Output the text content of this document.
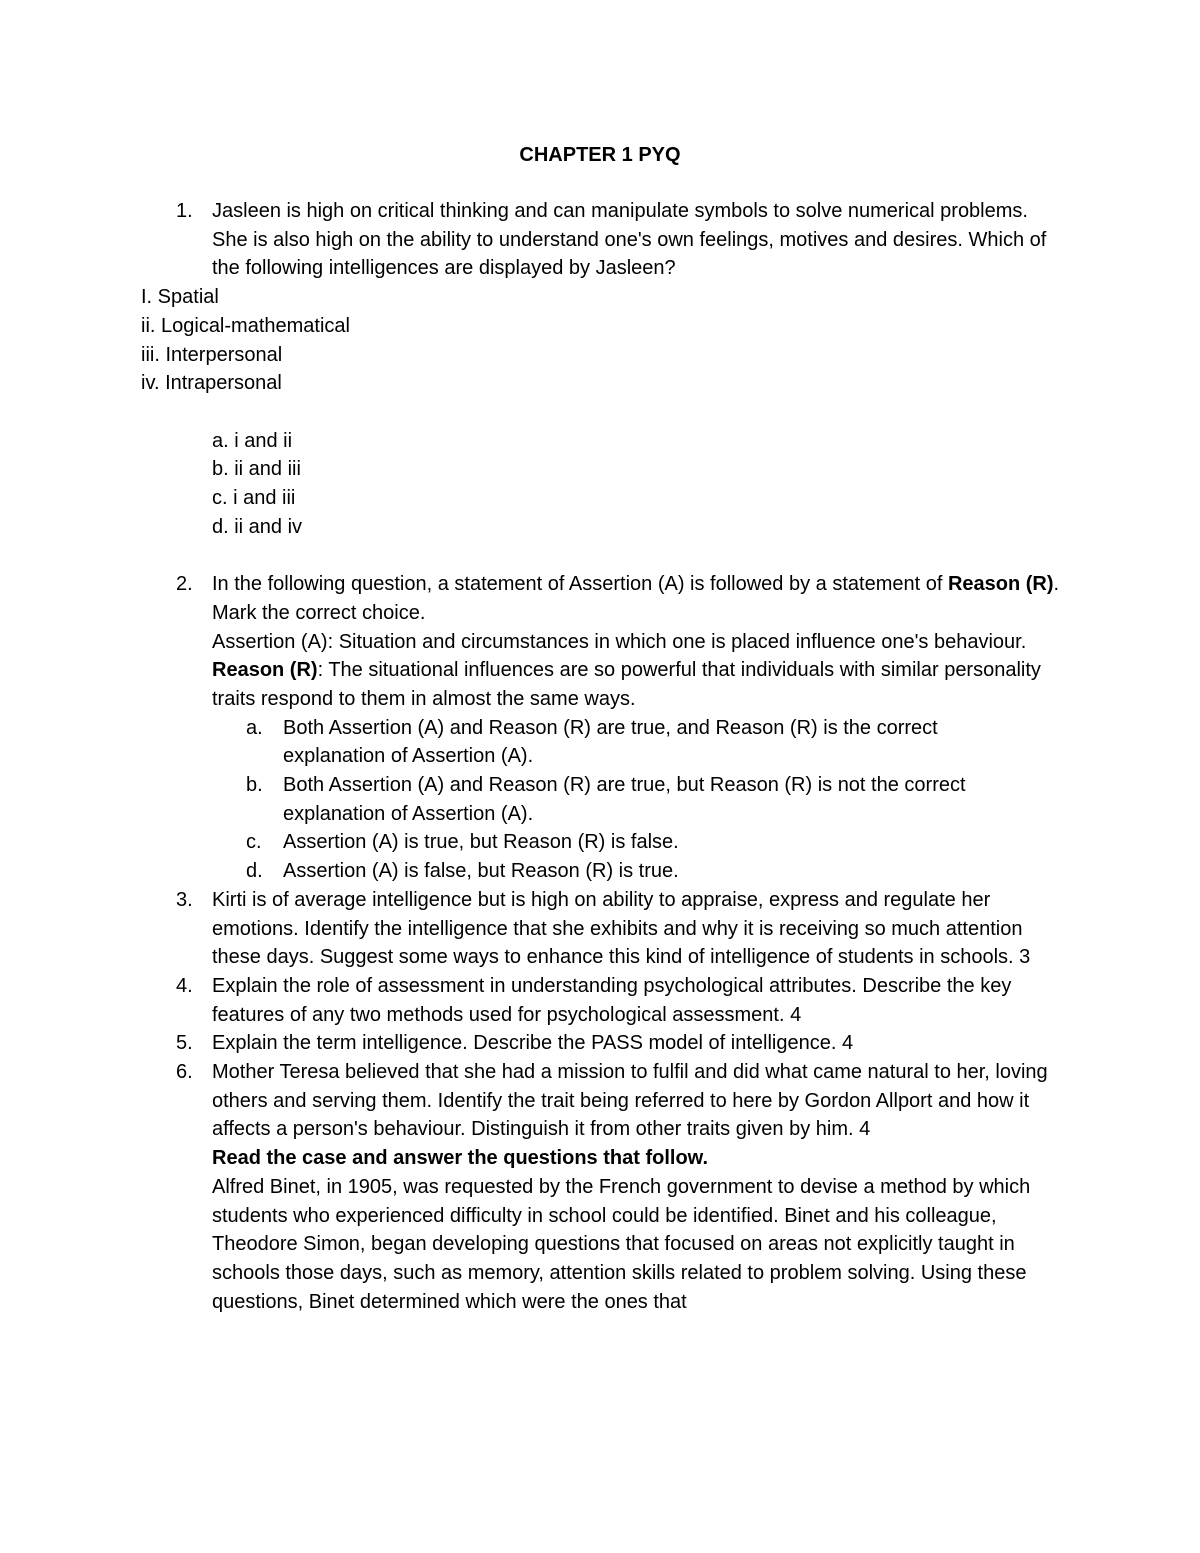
CHAPTER 1 PYQ
1. Jasleen is high on critical thinking and can manipulate symbols to solve numerical problems. She is also high on the ability to understand one's own feelings, motives and desires. Which of the following intelligences are displayed by Jasleen?
I. Spatial
ii. Logical-mathematical
iii. Interpersonal
iv. Intrapersonal
a. i and ii
b. ii and iii
c. i and iii
d. ii and iv
2. In the following question, a statement of Assertion (A) is followed by a statement of Reason (R). Mark the correct choice.
Assertion (A): Situation and circumstances in which one is placed influence one's behaviour.
Reason (R): The situational influences are so powerful that individuals with similar personality traits respond to them in almost the same ways.
a. Both Assertion (A) and Reason (R) are true, and Reason (R) is the correct explanation of Assertion (A).
b. Both Assertion (A) and Reason (R) are true, but Reason (R) is not the correct explanation of Assertion (A).
c. Assertion (A) is true, but Reason (R) is false.
d. Assertion (A) is false, but Reason (R) is true.
3. Kirti is of average intelligence but is high on ability to appraise, express and regulate her emotions. Identify the intelligence that she exhibits and why it is receiving so much attention these days. Suggest some ways to enhance this kind of intelligence of students in schools. 3
4. Explain the role of assessment in understanding psychological attributes. Describe the key features of any two methods used for psychological assessment. 4
5. Explain the term intelligence. Describe the PASS model of intelligence. 4
6. Mother Teresa believed that she had a mission to fulfil and did what came natural to her, loving others and serving them. Identify the trait being referred to here by Gordon Allport and how it affects a person's behaviour. Distinguish it from other traits given by him. 4
Read the case and answer the questions that follow.
Alfred Binet, in 1905, was requested by the French government to devise a method by which students who experienced difficulty in school could be identified. Binet and his colleague, Theodore Simon, began developing questions that focused on areas not explicitly taught in schools those days, such as memory, attention skills related to problem solving. Using these questions, Binet determined which were the ones that
